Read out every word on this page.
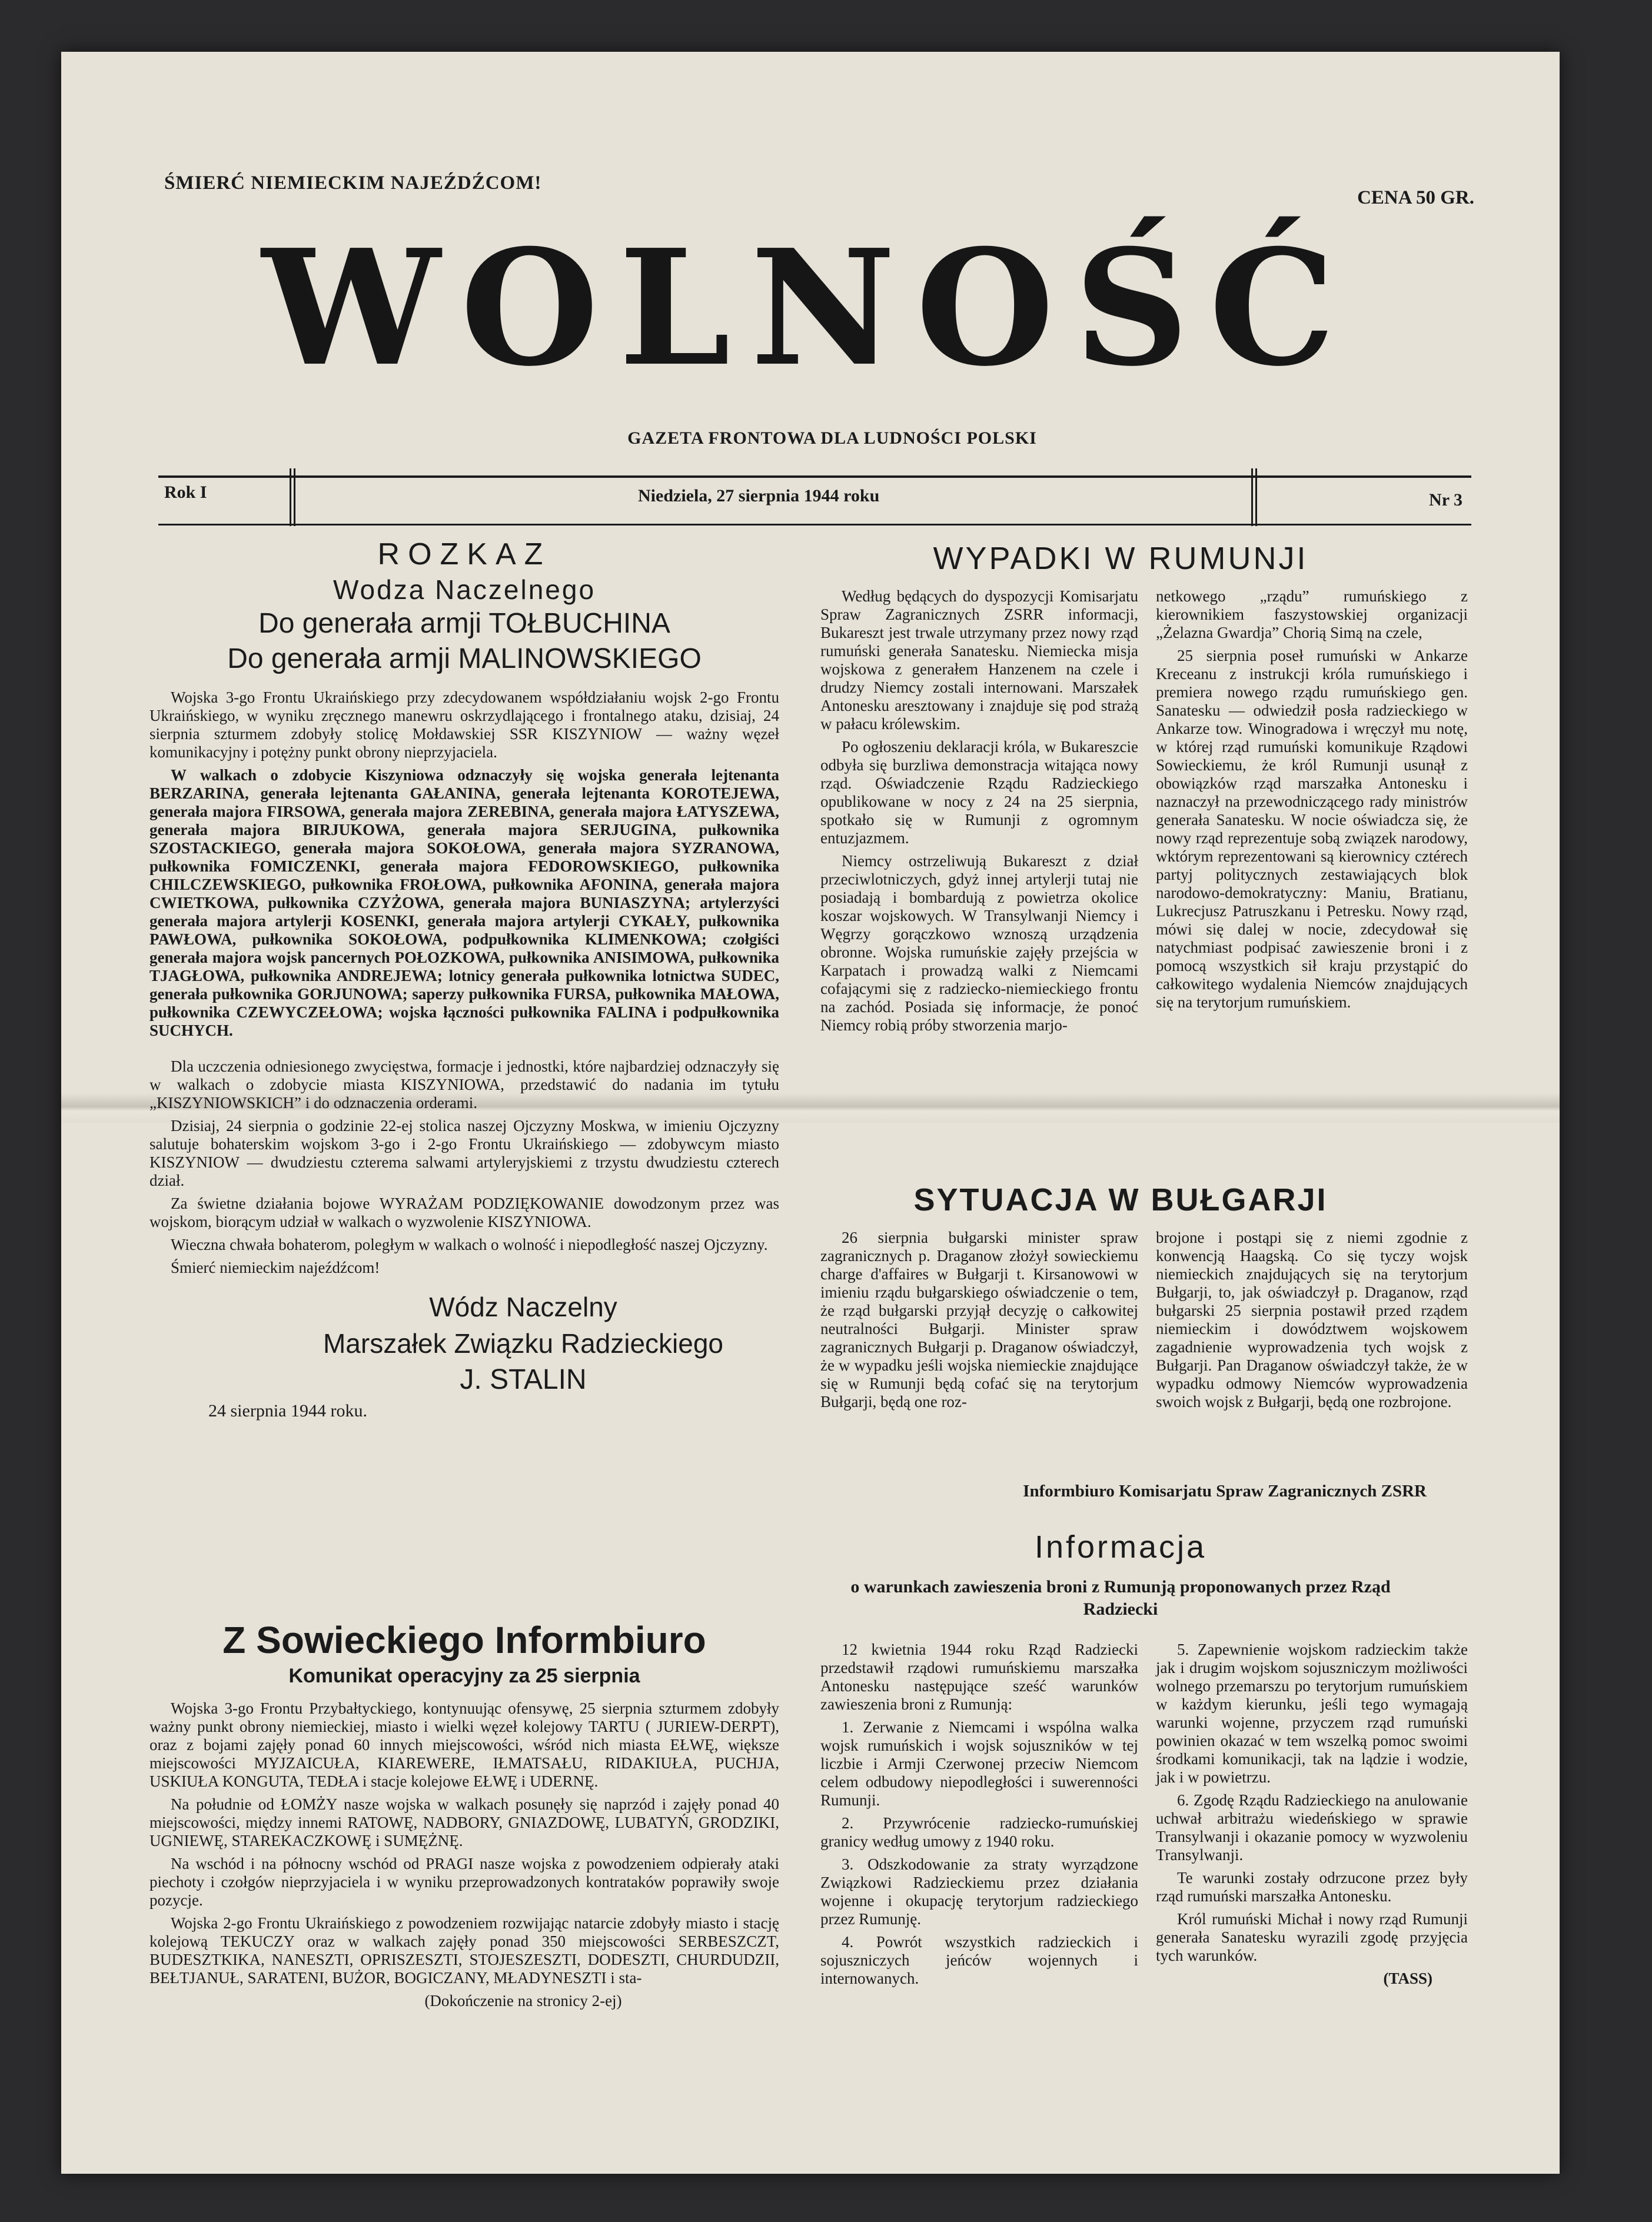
ŚMIERĆ NIEMIECKIM NAJEŹDŹCOM!
CENA 50 GR.
WOLNOŚĆ
GAZETA FRONTOWA DLA LUDNOŚCI POLSKI
Rok I	Niedziela, 27 sierpnia 1944 roku	Nr 3
ROZKAZ
Wodza Naczelnego
Do generała armji TOŁBUCHINA
Do generała armji MALINOWSKIEGO

Wojska 3-go Frontu Ukraińskiego przy zdecydowanem współdziałaniu wojsk 2-go Frontu Ukraińskiego, w wyniku zręcznego manewru oskrzydlającego i frontalnego ataku, dzisiaj, 24 sierpnia szturmem zdobyły stolicę Mołdawskiej SSR KISZYNIOW — ważny węzeł komunikacyjny i potężny punkt obrony nieprzyjaciela.

W walkach o zdobycie Kiszyniowa odznaczyły się wojska generała lejtenanta BERZARINA, generała lejtenanta GAŁANINA, generała lejtenanta KOROTEJEWA, generała majora FIRSOWA, generała majora ZEREBINA, generała majora ŁATYSZEWA, generała majora BIRJUKOWA, generała majora SERJUGINA, pułkownika SZOSTACKIEGO, generała majora SOKOŁOWA, generała majora SYZRANOWA, pułkownika FOMICZENKI, generała majora FEDOROWSKIEGO, pułkownika CHILCZEWSKIEGO, pułkownika FROŁOWA, pułkownika AFONINA, generała majora CWIETKOWA, pułkownika CZYŻOWA, generała majora BUNIASZYNA; artylerzyści generała majora artylerji KOSENKI, generała majora artylerji CYKAŁY, pułkownika PAWŁOWA, pułkownika SOKOŁOWA, podpułkownika KLIMENKOWA; czołgiści generała majora wojsk pancernych POŁOZKOWA, pułkownika ANISIMOWA, pułkownika TJAGŁOWA, pułkownika ANDREJEWA; lotnicy generała pułkownika lotnictwa SUDEC, generała pułkownika GORJUNOWA; saperzy pułkownika FURSA, pułkownika MAŁOWA, pułkownika CZEWYCZEŁOWA; wojska łączności pułkownika FALINA i podpułkownika SUCHYCH.

Dla uczczenia odniesionego zwycięstwa, formacje i jednostki, które najbardziej odznaczyły się w walkach o zdobycie miasta KISZYNIOWA, przedstawić do nadania im tytułu „KISZYNIOWSKICH” i do odznaczenia orderami.

Dzisiaj, 24 sierpnia o godzinie 22-ej stolica naszej Ojczyzny Moskwa, w imieniu Ojczyzny salutuje bohaterskim wojskom 3-go i 2-go Frontu Ukraińskiego — zdobywcym miasto KISZYNIOW — dwudziestu czterema salwami artyleryjskiemi z trzystu dwudziestu czterech dział.

Za świetne działania bojowe WYRAŻAM PODZIĘKOWANIE dowodzonym przez was wojskom, biorącym udział w walkach o wyzwolenie KISZYNIOWA.

Wieczna chwała bohaterom, poległym w walkach o wolność i niepodległość naszej Ojczyzny.

Śmierć niemieckim najeźdźcom!

Wódz Naczelny
Marszałek Związku Radzieckiego
J. STALIN
24 sierpnia 1944 roku.
Z Sowieckiego Informbiuro
Komunikat operacyjny za 25 sierpnia

Wojska 3-go Frontu Przybałtyckiego, kontynuując ofensywę, 25 sierpnia szturmem zdobyły ważny punkt obrony niemieckiej, miasto i wielki węzeł kolejowy TARTU ( JURIEW-DERPT), oraz z bojami zajęły ponad 60 innych miejscowości, wśród nich miasta EŁWĘ, większe miejscowości MYJZAICUŁA, KIAREWERE, IŁMATSAŁU, RIDAKIUŁA, PUCHJA, USKIUŁA KONGUTA, TEDŁA i stacje kolejowe EŁWĘ i UDERNĘ.

Na południe od ŁOMŻY nasze wojska w walkach posunęły się naprzód i zajęły ponad 40 miejscowości, między innemi RATOWĘ, NADBORY, GNIAZDOWĘ, LUBATYŃ, GRODZIKI, UGNIEWĘ, STAREKACZKOWĘ i SUMĘŻNĘ.

Na wschód i na północny wschód od PRAGI nasze wojska z powodzeniem odpierały ataki piechoty i czołgów nieprzyjaciela i w wyniku przeprowadzonych kontrataków poprawiły swoje pozycje.

Wojska 2-go Frontu Ukraińskiego z powodzeniem rozwijając natarcie zdobyły miasto i stację kolejową TEKUCZY oraz w walkach zajęły ponad 350 miejscowości SERBESZCZT, BUDESZTKIKA, NANESZTI, OPRISZESZTI, STOJESZESZTI, DODESZTI, CHURDUDZII, BEŁTJANUŁ, SARATENI, BUŻOR, BOGICZANY, MŁADYNESZTI i sta-

(Dokończenie na stronicy 2-ej)
WYPADKI W RUMUNJI

Według będących do dyspozycji Komisarjatu Spraw Zagranicznych ZSRR informacji, Bukareszt jest trwale utrzymany przez nowy rząd rumuński generała Sanatesku. Niemiecka misja wojskowa z generałem Hanzenem na czele i drudzy Niemcy zostali internowani. Marszałek Antonesku aresztowany i znajduje się pod strażą w pałacu królewskim.

Po ogłoszeniu deklaracji króla, w Bukareszcie odbyła się burzliwa demonstracja witająca nowy rząd. Oświadczenie Rządu Radzieckiego opublikowane w nocy z 24 na 25 sierpnia, spotkało się w Rumunji z ogromnym entuzjazmem.

Niemcy ostrzeliwują Bukareszt z dział przeciwlotniczych, gdyż innej artylerji tutaj nie posiadają i bombardują z powietrza okolice koszar wojskowych. W Transylwanji Niemcy i Węgrzy gorączkowo wznoszą urządzenia obronne. Wojska rumuńskie zajęły przejścia w Karpatach i prowadzą walki z Niemcami cofającymi się z radziecko-niemieckiego frontu na zachód. Posiada się informacje, że ponoć Niemcy robią próby stworzenia marjo-

netkowego „rządu” rumuńskiego z kierownikiem faszystowskiej organizacji „Żelazna Gwardja” Chorią Simą na czele,

25 sierpnia poseł rumuński w Ankarze Kreceanu z instrukcji króla rumuńskiego i premiera nowego rządu rumuńskiego gen. Sanatesku — odwiedził posła radzieckiego w Ankarze tow. Winogradowa i wręczył mu notę, w której rząd rumuński komunikuje Rządowi Sowieckiemu, że król Rumunji usunął z obowiązków rząd marszałka Antonesku i naznaczył na przewodniczącego rady ministrów generała Sanatesku. W nocie oświadcza się, że nowy rząd reprezentuje sobą związek narodowy, wktórym reprezentowani są kierownicy cztérech partyj politycznych zestawiających blok narodowo-demokratyczny: Maniu, Bratianu, Lukrecjusz Patruszkanu i Petresku. Nowy rząd, mówi się dalej w nocie, zdecydował się natychmiast podpisać zawieszenie broni i z pomocą wszystkich sił kraju przystąpić do całkowitego wydalenia Niemców znajdujących się na terytorjum rumuńskiem.

SYTUACJA W BUŁGARJI

26 sierpnia bułgarski minister spraw zagranicznych p. Draganow złożył sowieckiemu charge d'affaires w Bułgarji t. Kirsanowowi w imieniu rządu bułgarskiego oświadczenie o tem, że rząd bułgarski przyjął decyzję o całkowitej neutralności Bułgarji. Minister spraw zagranicznych Bułgarji p. Draganow oświadczył, że w wypadku jeśli wojska niemieckie znajdujące się w Rumunji będą cofać się na terytorjum Bułgarji, będą one roz-

brojone i postąpi się z niemi zgodnie z konwencją Haagską. Co się tyczy wojsk niemieckich znajdujących się na terytorjum Bułgarji, to, jak oświadczył p. Draganow, rząd bułgarski 25 sierpnia postawił przed rządem niemieckim i dowództwem wojskowem zagadnienie wyprowadzenia tych wojsk z Bułgarji. Pan Draganow oświadczył także, że w wypadku odmowy Niemców wyprowadzenia swoich wojsk z Bułgarji, będą one rozbrojone.

Informbiuro Komisarjatu Spraw Zagranicznych ZSRR
Informacja
o warunkach zawieszenia broni z Rumunją proponowanych przez Rząd Radziecki

12 kwietnia 1944 roku Rząd Radziecki przedstawił rządowi rumuńskiemu marszałka Antonesku następujące sześć warunków zawieszenia broni z Rumunją:

1. Zerwanie z Niemcami i wspólna walka wojsk rumuńskich i wojsk sojuszników w tej liczbie i Armji Czerwonej przeciw Niemcom celem odbudowy niepodległości i suwerenności Rumunji.

2. Przywrócenie radziecko-rumuńskiej granicy według umowy z 1940 roku.

3. Odszkodowanie za straty wyrządzone Związkowi Radzieckiemu przez działania wojenne i okupację terytorjum radzieckiego przez Rumunję.

4. Powrót wszystkich radzieckich i sojuszniczych jeńców wojennych i internowanych.

5. Zapewnienie wojskom radzieckim także jak i drugim wojskom sojuszniczym możliwości wolnego przemarszu po terytorjum rumuńskiem w każdym kierunku, jeśli tego wymagają warunki wojenne, przyczem rząd rumuński powinien okazać w tem wszelką pomoc swoimi środkami komunikacji, tak na lądzie i wodzie, jak i w powietrzu.

6. Zgodę Rządu Radzieckiego na anulowanie uchwał arbitrażu wiedeńskiego w sprawie Transylwanji i okazanie pomocy w wyzwoleniu Transylwanji.

Te warunki zostały odrzucone przez były rząd rumuński marszałka Antonesku.

Król rumuński Michał i nowy rząd Rumunji generała Sanatesku wyrazili zgodę przyjęcia tych warunków.

(TASS)
